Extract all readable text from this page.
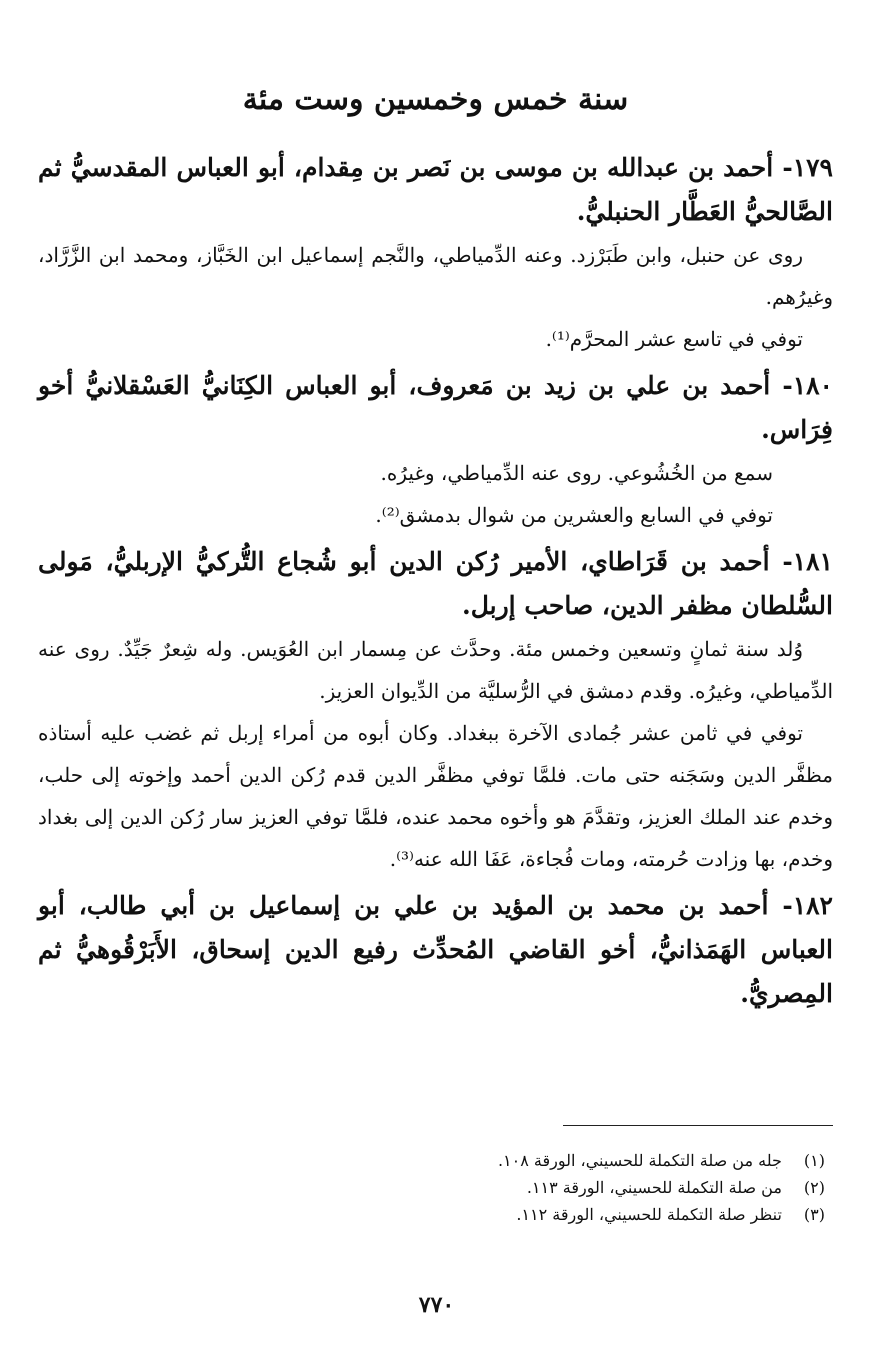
سنة خمس وخمسين وست مئة

١٧٩- أحمد بن عبدالله بن موسى بن نَصر بن مِقدام، أبو العباس المقدسيُّ ثم الصَّالحيُّ العَطَّار الحنبليُّ.

روى عن حنبل، وابن طَبَرْزد. وعنه الدِّمياطي، والنَّجم إسماعيل ابن الخَبَّاز، ومحمد ابن الزَّرَّاد، وغيرُهم.

توفي في تاسع عشر المحرَّم⁽¹⁾.

١٨٠- أحمد بن علي بن زيد بن مَعروف، أبو العباس الكِنَانيُّ العَسْقلانيُّ أخو فِرَاس.

سمع من الخُشُوعي. روى عنه الدِّمياطي، وغيرُه.

توفي في السابع والعشرين من شوال بدمشق⁽²⁾.

١٨١- أحمد بن قَرَاطاي، الأمير رُكن الدين أبو شُجاع التُّركيُّ الإربليُّ، مَولى السُّلطان مظفر الدين، صاحب إربل.

وُلد سنة ثمانٍ وتسعين وخمس مئة. وحدَّث عن مِسمار ابن العُوَيس. وله شِعرٌ جَيِّدٌ. روى عنه الدِّمياطي، وغيرُه. وقدم دمشق في الرُّسليَّة من الدِّيوان العزيز.

توفي في ثامن عشر جُمادى الآخرة ببغداد. وكان أبوه من أمراء إربل ثم غضب عليه أستاذه مظفَّر الدين وسَجَنه حتى مات. فلمَّا توفي مظفَّر الدين قدم رُكن الدين أحمد وإخوته إلى حلب، وخدم عند الملك العزيز، وتقدَّمَ هو وأخوه محمد عنده، فلمَّا توفي العزيز سار رُكن الدين إلى بغداد وخدم، بها وزادت حُرمته، ومات فُجاءة، عَفَا الله عنه⁽³⁾.

١٨٢- أحمد بن محمد بن المؤيد بن علي بن إسماعيل بن أبي طالب، أبو العباس الهَمَذانيُّ، أخو القاضي المُحدِّث رفيع الدين إسحاق، الأَبَرْقُوهيُّ ثم المِصريُّ.

(١) جله من صلة التكملة للحسيني، الورقة ١٠٨.

(٢) من صلة التكملة للحسيني، الورقة ١١٣.

(٣) تنظر صلة التكملة للحسيني، الورقة ١١٢.

٧٧٠
